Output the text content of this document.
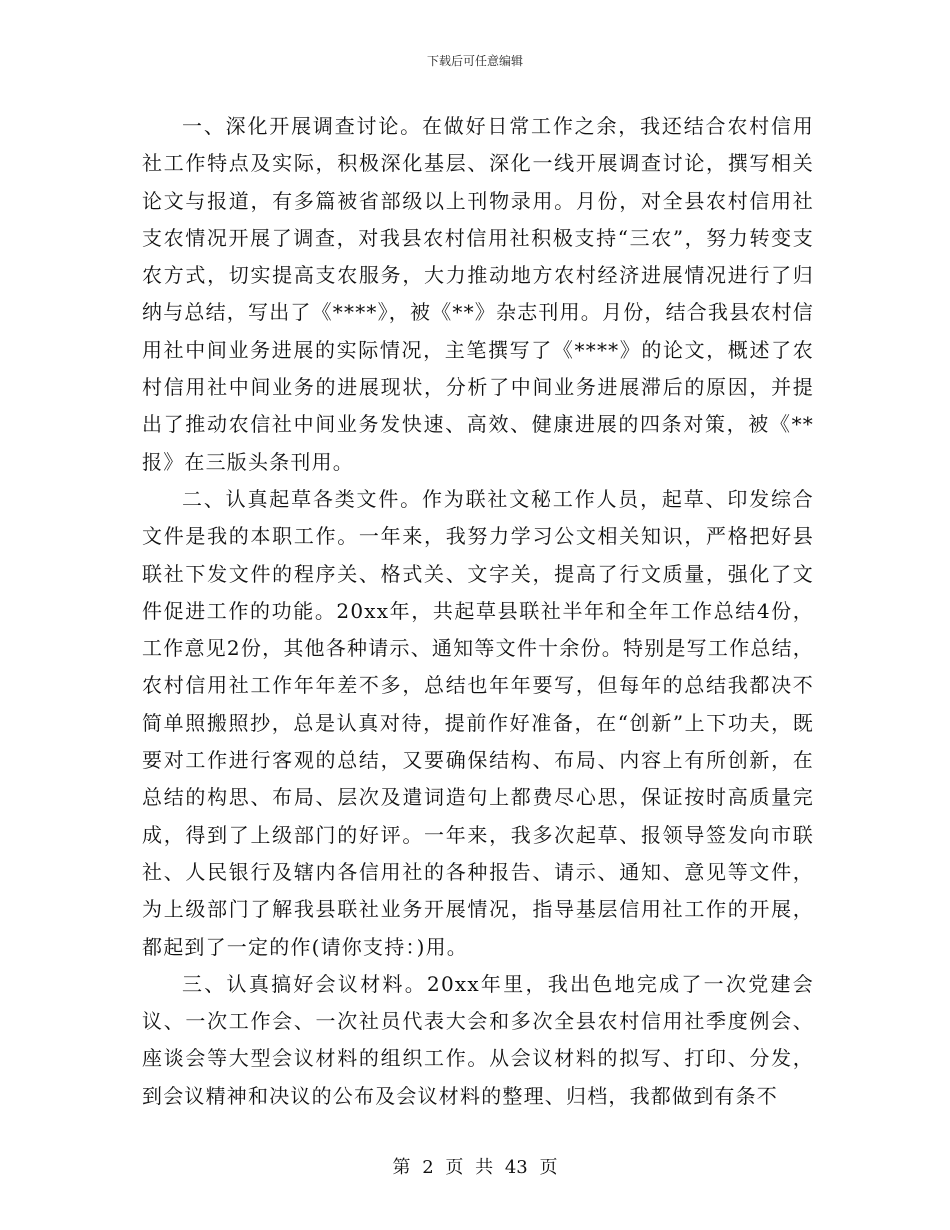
下载后可任意编辑

一、深化开展调查讨论。在做好日常工作之余，我还结合农村信用社工作特点及实际，积极深化基层、深化一线开展调查讨论，撰写相关论文与报道，有多篇被省部级以上刊物录用。月份，对全县农村信用社支农情况开展了调查，对我县农村信用社积极支持“三农”，努力转变支农方式，切实提高支农服务，大力推动地方农村经济进展情况进行了归纳与总结，写出了《****》，被《**》杂志刊用。月份，结合我县农村信用社中间业务进展的实际情况，主笔撰写了《****》的论文，概述了农村信用社中间业务的进展现状，分析了中间业务进展滞后的原因，并提出了推动农信社中间业务发快速、高效、健康进展的四条对策，被《**报》在三版头条刊用。

二、认真起草各类文件。作为联社文秘工作人员，起草、印发综合文件是我的本职工作。一年来，我努力学习公文相关知识，严格把好县联社下发文件的程序关、格式关、文字关，提高了行文质量，强化了文件促进工作的功能。20xx年，共起草县联社半年和全年工作总结4份，工作意见2份，其他各种请示、通知等文件十余份。特别是写工作总结，农村信用社工作年年差不多，总结也年年要写，但每年的总结我都决不简单照搬照抄，总是认真对待，提前作好准备，在“创新”上下功夫，既要对工作进行客观的总结，又要确保结构、布局、内容上有所创新，在总结的构思、布局、层次及遣词造句上都费尽心思，保证按时高质量完成，得到了上级部门的好评。一年来，我多次起草、报领导签发向市联社、人民银行及辖内各信用社的各种报告、请示、通知、意见等文件，为上级部门了解我县联社业务开展情况，指导基层信用社工作的开展，都起到了一定的作(请你支持：)用。

三、认真搞好会议材料。20xx年里，我出色地完成了一次党建会议、一次工作会、一次社员代表大会和多次全县农村信用社季度例会、座谈会等大型会议材料的组织工作。从会议材料的拟写、打印、分发，到会议精神和决议的公布及会议材料的整理、归档，我都做到有条不

第 2 页 共 43 页
